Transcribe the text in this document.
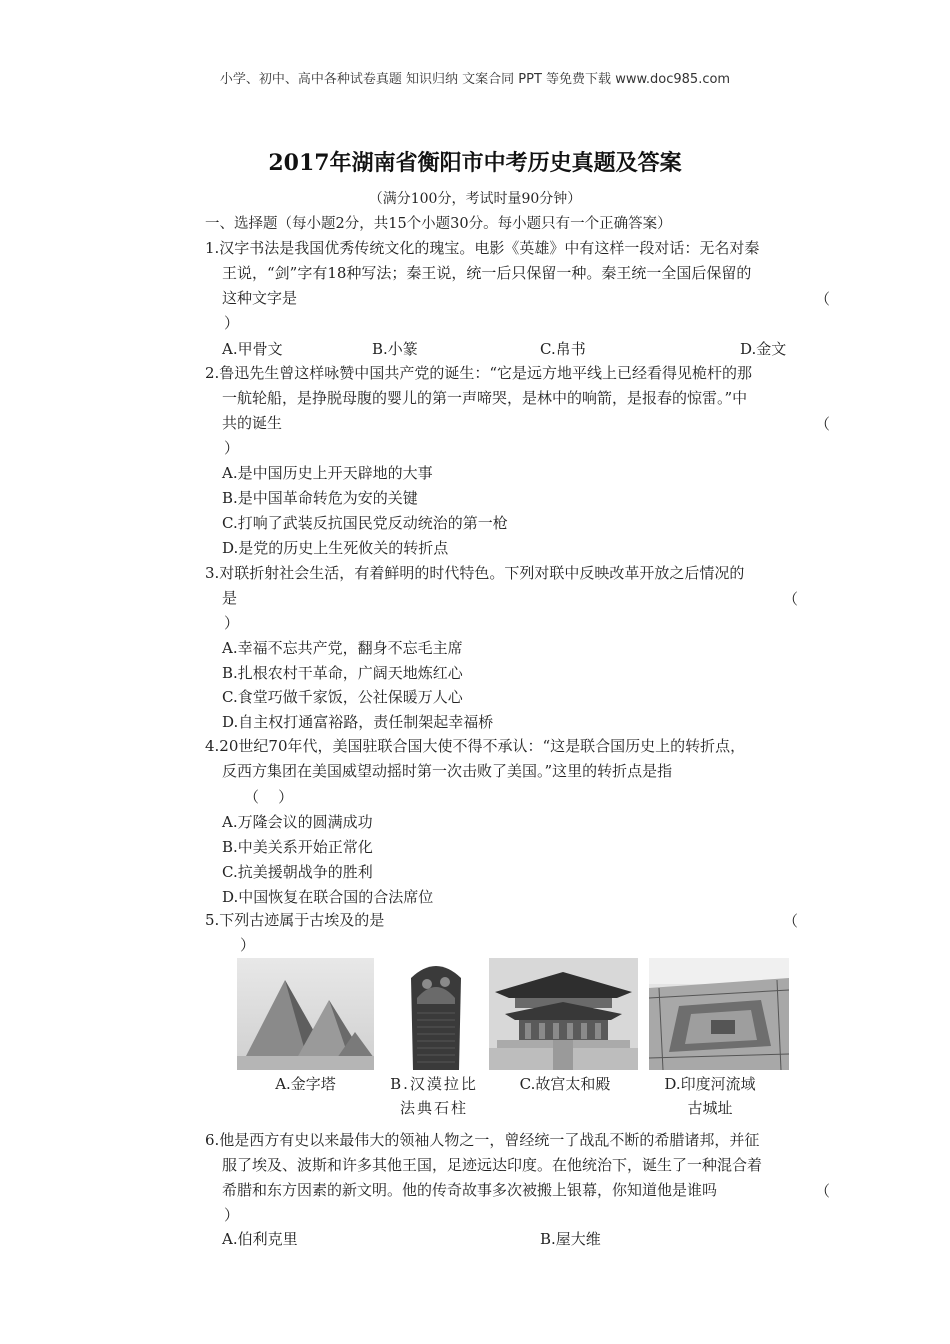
小学、初中、高中各种试卷真题 知识归纳 文案合同 PPT 等免费下载 www.doc985.com
2017年湖南省衡阳市中考历史真题及答案
（满分100分，考试时量90分钟）
一、选择题（每小题2分，共15个小题30分。每小题只有一个正确答案）
1.汉字书法是我国优秀传统文化的瑰宝。电影《英雄》中有这样一段对话：无名对秦
王说，“剑”字有18种写法；秦王说，统一后只保留一种。秦王统一全国后保留的
这种文字是	（
）
A.甲骨文	B.小篆	C.帛书	D.金文
2.鲁迅先生曾这样咏赞中国共产党的诞生：“它是远方地平线上已经看得见桅杆的那
一航轮船，是挣脱母腹的婴儿的第一声啼哭，是林中的响箭，是报春的惊雷。”中
共的诞生	（
）
A.是中国历史上开天辟地的大事
B.是中国革命转危为安的关键
C.打响了武装反抗国民党反动统治的第一枪
D.是党的历史上生死攸关的转折点
3.对联折射社会生活，有着鲜明的时代特色。下列对联中反映改革开放之后情况的
是	（
）
A.幸福不忘共产党，翻身不忘毛主席
B.扎根农村干革命，广阔天地炼红心
C.食堂巧做千家饭，公社保暖万人心
D.自主权打通富裕路，责任制架起幸福桥
4.20世纪70年代，美国驻联合国大使不得不承认：“这是联合国历史上的转折点，
反西方集团在美国威望动摇时第一次击败了美国。”这里的转折点是指
（    ）
A.万隆会议的圆满成功
B.中美关系开始正常化
C.抗美援朝战争的胜利
D.中国恢复在联合国的合法席位
5.下列古迹属于古埃及的是	（
）
A.金字塔	B.汉漠拉比
法典石柱
C.故宫太和殿	D.印度河流域
古城址
6.他是西方有史以来最伟大的领袖人物之一，曾经统一了战乱不断的希腊诸邦，并征
服了埃及、波斯和许多其他王国，足迹远达印度。在他统治下，诞生了一种混合着
希腊和东方因素的新文明。他的传奇故事多次被搬上银幕，你知道他是谁吗	（
）
A.伯利克里	B.屋大维
